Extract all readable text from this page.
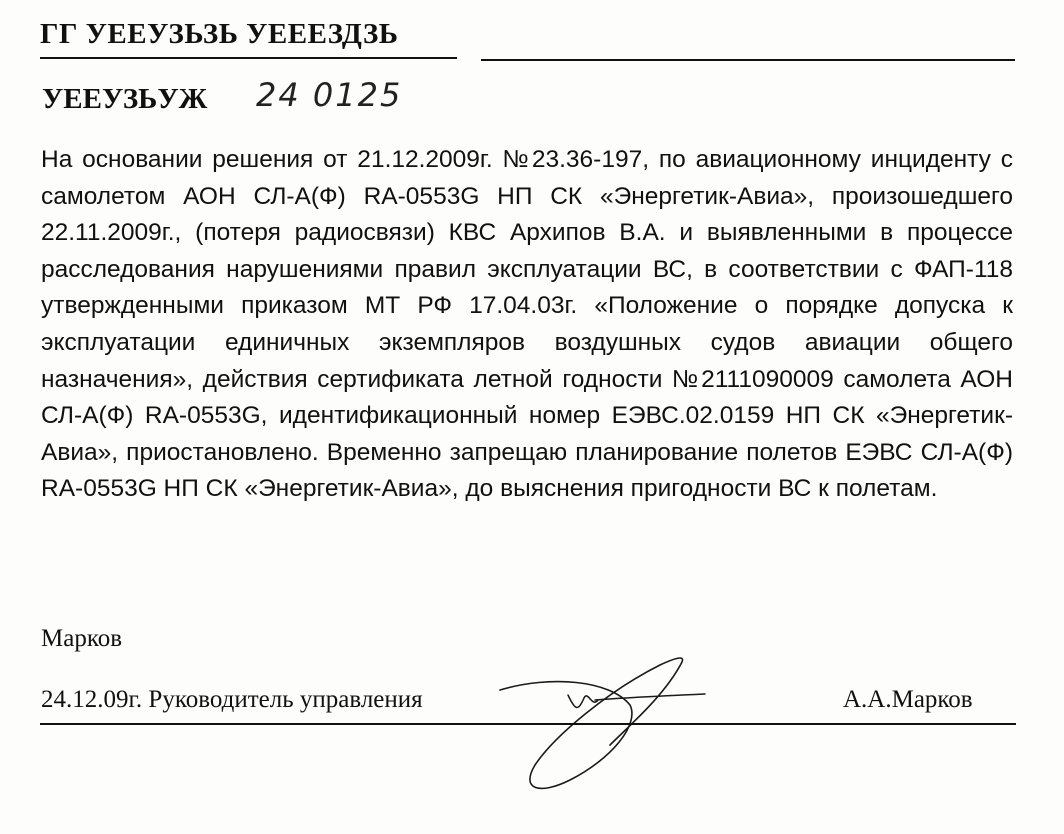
ГГ УЕЕУЗЬЗЬ УЕЕЕЗДЗЬ
УЕЕУЗЬУЖ 24 0125

На основании решения от 21.12.2009г. №23.36-197, по авиационному инциденту с самолетом АОН СЛ-А(Ф) RA-0553G НП СК «Энергетик-Авиа», произошедшего 22.11.2009г., (потеря радиосвязи) КВС Архипов В.А. и выявленными в процессе расследования нарушениями правил эксплуатации ВС, в соответствии с ФАП-118 утвержденными приказом МТ РФ 17.04.03г. «Положение о порядке допуска к эксплуатации единичных экземпляров воздушных судов авиации общего назначения», действия сертификата летной годности №2111090009 самолета АОН СЛ-А(Ф) RA-0553G, идентификационный номер ЕЭВС.02.0159 НП СК «Энергетик-Авиа», приостановлено. Временно запрещаю планирование полетов ЕЭВС СЛ-А(Ф) RA-0553G НП СК «Энергетик-Авиа», до выяснения пригодности ВС к полетам.

Марков
24.12.09г. Руководитель управления	А.А.Марков
